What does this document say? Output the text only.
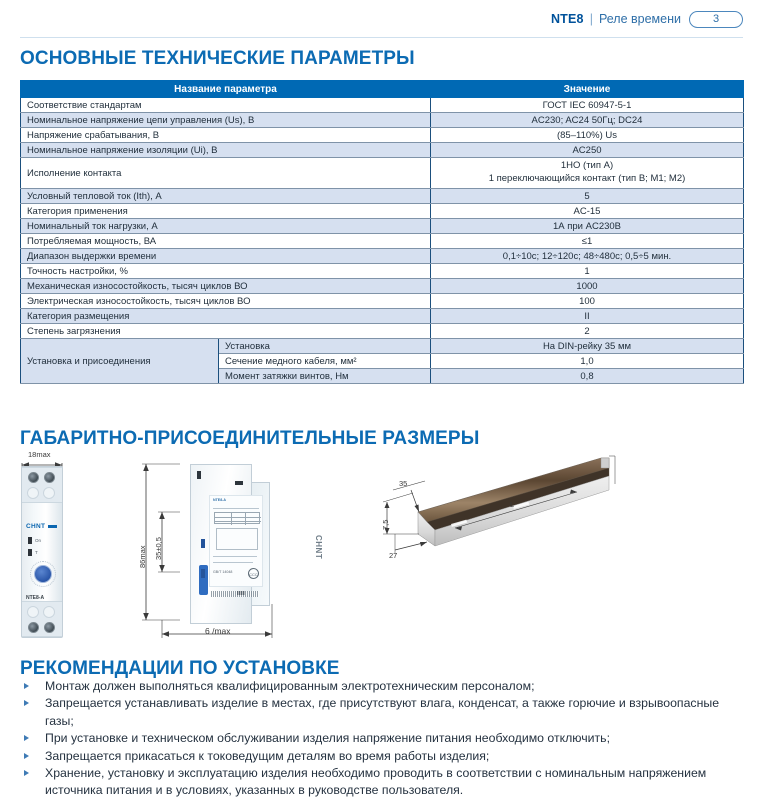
NTE8 | Реле времени	3
ОСНОВНЫЕ ТЕХНИЧЕСКИЕ ПАРАМЕТРЫ
ГАБАРИТНО-ПРИСОЕДИНИТЕЛЬНЫЕ РАЗМЕРЫ
РЕКОМЕНДАЦИИ ПО УСТАНОВКЕ
Название параметра		Значение
Соответствие стандартам		ГОСТ IEC 60947-5-1
Номинальное напряжение цепи управления (Us), В		AC230; AC24 50Гц; DC24
Напряжение срабатывания, В		(85–110%) Us
Номинальное напряжение изоляции (Ui), В		AC250
Исполнение контакта		1НО (тип А)
1 переключающийся контакт (тип В; М1; М2)

Условный тепловой ток (Ith), А		5
Категория применения		AC-15
Номинальный ток нагрузки, А		1А при AC230В
Потребляемая мощность, ВА		≤1
Диапазон выдержки времени		0,1÷10с; 12÷120с; 48÷480с; 0,5÷5 мин.
Точность настройки, %		1
Механическая износостойкость, тысяч циклов ВО		1000
Электрическая износостойкость, тысяч циклов ВО		100
Категория размещения		II
Степень загрязнения		2
Установка и присоединения	Установка	На DIN-рейку 35 мм
	Сечение медного кабеля, мм²	1,0
	Момент затяжки винтов, Нм	0,8
18max
CHNT
On
T
NTE8-A
86max 35±0,5
6 /max
CHNT
NTE8-A
CCC
GB/T 14048
35
7,5
27
L
Монтаж должен выполняться квалифицированным электротехническим персоналом;
Запрещается устанавливать изделие в местах, где присутствуют влага, конденсат, а также горючие и взрывоопасные газы;
При установке и техническом обслуживании изделия напряжение питания необходимо отключить;
Запрещается прикасаться к токоведущим деталям во время работы изделия;
Хранение, установку и эксплуатацию изделия необходимо проводить в соответствии с номинальным напряжением источника питания и в условиях, указанных в руководстве пользователя.
